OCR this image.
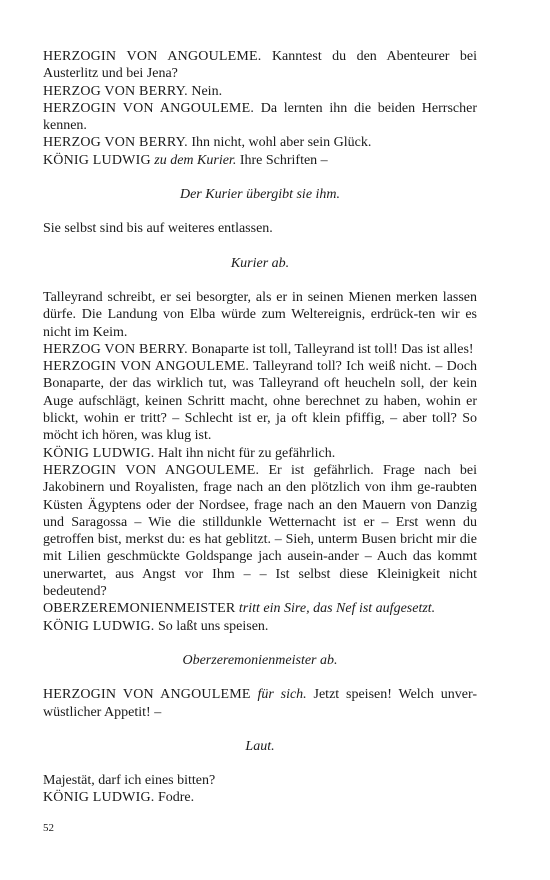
HERZOGIN VON ANGOULEME. Kanntest du den Abenteurer bei Austerlitz und bei Jena?

HERZOG VON BERRY. Nein.

HERZOGIN VON ANGOULEME. Da lernten ihn die beiden Herrscher kennen.

HERZOG VON BERRY. Ihn nicht, wohl aber sein Glück.

KÖNIG LUDWIG zu dem Kurier. Ihre Schriften –

Der Kurier übergibt sie ihm.

Sie selbst sind bis auf weiteres entlassen.

Kurier ab.

Talleyrand schreibt, er sei besorgter, als er in seinen Mienen merken lassen dürfe. Die Landung von Elba würde zum Weltereignis, erdrück-ten wir es nicht im Keim.

HERZOG VON BERRY. Bonaparte ist toll, Talleyrand ist toll! Das ist alles!

HERZOGIN VON ANGOULEME. Talleyrand toll? Ich weiß nicht. – Doch Bonaparte, der das wirklich tut, was Talleyrand oft heucheln soll, der kein Auge aufschlägt, keinen Schritt macht, ohne berechnet zu haben, wohin er blickt, wohin er tritt? – Schlecht ist er, ja oft klein pfiffig, – aber toll? So möcht ich hören, was klug ist.

KÖNIG LUDWIG. Halt ihn nicht für zu gefährlich.

HERZOGIN VON ANGOULEME. Er ist gefährlich. Frage nach bei Jakobinern und Royalisten, frage nach an den plötzlich von ihm ge-raubten Küsten Ägyptens oder der Nordsee, frage nach an den Mauern von Danzig und Saragossa – Wie die stilldunkle Wetternacht ist er – Erst wenn du getroffen bist, merkst du: es hat geblitzt. – Sieh, unterm Busen bricht mir die mit Lilien geschmückte Goldspange jach ausein-ander – Auch das kommt unerwartet, aus Angst vor Ihm – – Ist selbst diese Kleinigkeit nicht bedeutend?

OBERZEREMONIENMEISTER tritt ein Sire, das Nef ist aufgesetzt.

KÖNIG LUDWIG. So laßt uns speisen.

Oberzeremonienmeister ab.

HERZOGIN VON ANGOULEME für sich. Jetzt speisen! Welch unver-wüstlicher Appetit! –

Laut.

Majestät, darf ich eines bitten?

KÖNIG LUDWIG. Fodre.

52
